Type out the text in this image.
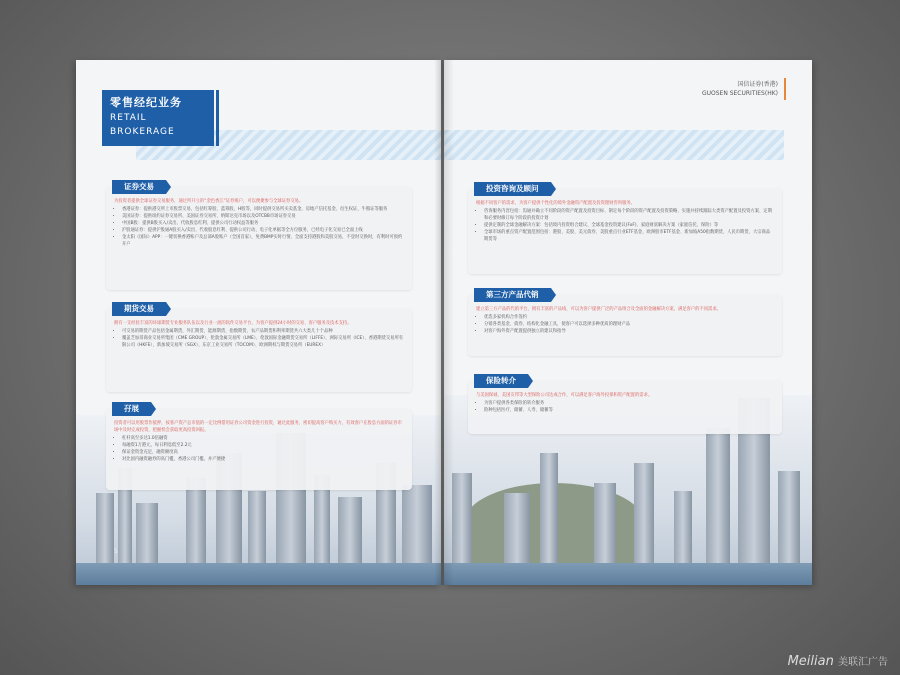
零售经纪业务
RETAIL
BROKERAGE
证券交易
为投资者提供全球证券交易服务，通过所开立的“金色香江”证券账户，可以便捷参与全球证券交易。
• 香港证券：提供港交所上市股票交易，包括红筹股、蓝筹股、H股等，同时提供交易所买卖基金、房地产信托基金、衍生权证、牛熊证等服务
• 美国证券：提供纽约证券交易所、美国证券交易所、纳斯达克市场以及OTCBB市场证券交易
• 中国B股：提供B股买入/卖出、代收股息红利、提供公司行动权益等服务
• 沪股通证券：提供沪股通A股买入/卖出、代收股息红利、提供公司行动、电子化单据等全方位服务，已经电子化交易已全面上线
• 金太阳（国际）APP：一键切换香港账户及总部A股账户（全国首家），免费BMP实时行情，全面支持港股和美股交易，不登时交换时，有利时可预约开户
期货交易
拥有一支经验丰富的环球期货专业服务队伍以及行业一流的软件交易平台，为客户提供24小时的交易、客户服务及技术支持。
• 可交易的期货产品包括金属期货、外汇期货、能源期货、指数期货、农产品期货和利率期货共六大类几十个品种
• 覆盖芝加哥商业交易所集团（CME GROUP）、伦敦金属交易所（LME）、伦敦国际金融期货交易所（LIFFE）、洲际交易所（ICE）、香港期货交易所有限公司（HKFE）、新加坡交易所（SGX）、东京工业交易所（TOCOM）、欧洲期权与期货交易所（EUREX）
孖展
投资者可以用股票作抵押，按客户资产总市值的一定比例借用证券公司资金进行投资，通过此服务，密切提高客户购买力，有效客户在股息方面的证券市场中及时完成投资，把握机会获取更高投资回报。
• 杠杆高至多达1.0倍融资
• 每融资1万港元，每日利息低至2.2元
• 保证金资金充足，融资额度高
• 对比国内融资融券的高门槛，香港公司门槛，并产便捷
5
国信证券(香港)
GUOSEN SECURITIES(HK)
投资咨询及顾问
根据不同客户的需求，为客户提供个性化的境外金融资产配置及投资理财咨询服务。
• 咨询服务内容包括：沟通并确立不同阶段的资产配置及投资目标、制定每个阶段的资产配置及投资策略、实施并持续跟踪大类资产配置及投资方案、定期和必要时修订每个阶段的投资计划
• 提供定制的全球金融解决方案：包括境内投资组合建议、全球基金投资建议(FoF)、家庭财富解决方案（家庭信托、保险）等
• 全球市场的重点资产配置范围包括：港股、美股、美元债券、美股重点行业ETF基金、欧洲股市ETF基金、新加坡A50指数期货、人民币期货、大宗商品期货等
第三方产品代销
建立第三方产品的代销平台，拥有丰富的产品线，可以为客户提供广泛的产品组合及全面的金融解决方案，满足客户的不同需求。
• 优选多家机构合作签约
• 分销各类基金、债券、结构化金融工具，使客户可以选择多种优质的理财产品
• 对客户海外资产配置提供独立的建议和指导
保险转介
与美国保诚、美国友邦等大型保险公司达成合作，可以满足客户海外投保和资产配置的需求。
• 为客户提供各类保险的转介服务
• 险种包括医疗、储蓄、人寿、储蓄等
Meilian 美联汇广告
